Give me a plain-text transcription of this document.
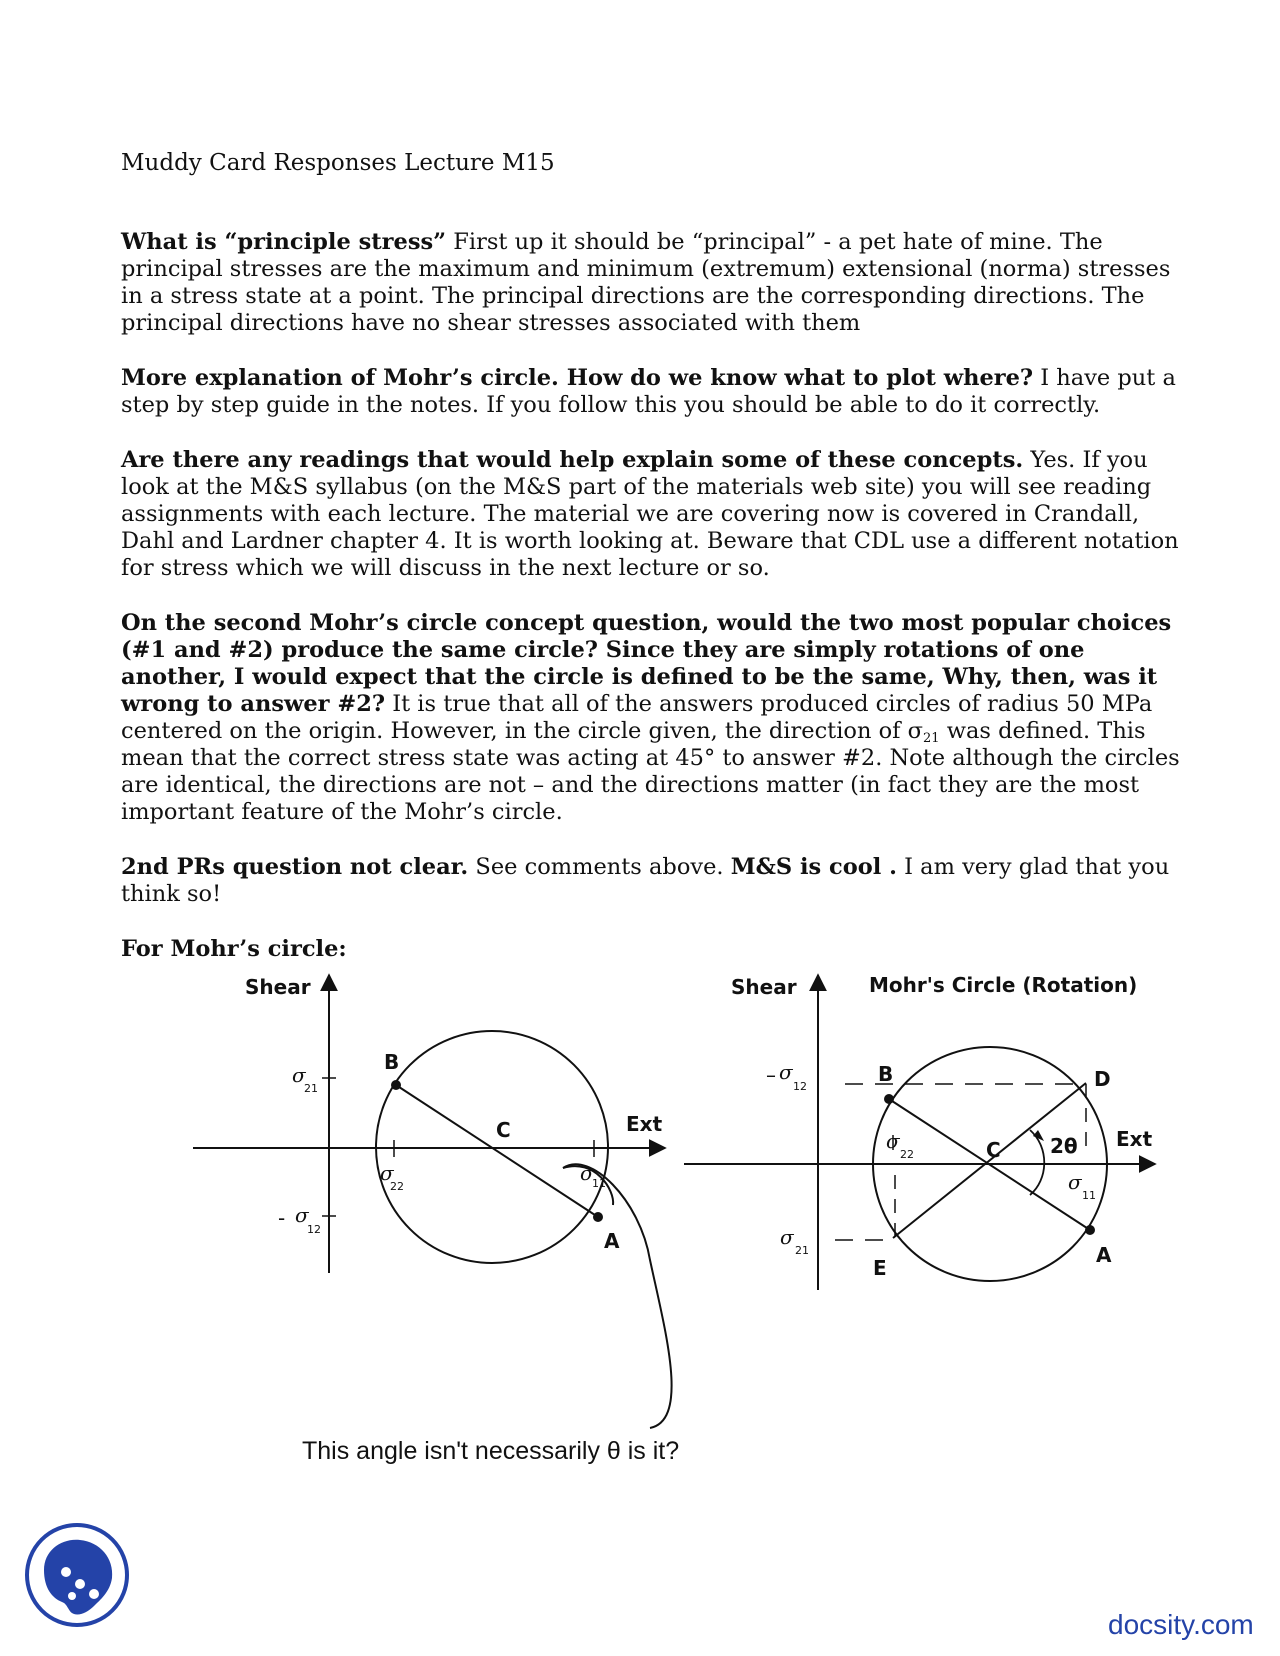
Muddy Card Responses Lecture M15
What is “principle stress” First up it should be “principal” - a pet hate of mine. The principal stresses are the maximum and minimum (extremum) extensional (norma) stresses in a stress state at a point. The principal directions are the corresponding directions. The principal directions have no shear stresses associated with them
More explanation of Mohr’s circle. How do we know what to plot where? I have put a step by step guide in the notes. If you follow this you should be able to do it correctly.
Are there any readings that would help explain some of these concepts. Yes. If you look at the M&S syllabus (on the M&S part of the materials web site) you will see reading assignments with each lecture. The material we are covering now is covered in Crandall, Dahl and Lardner chapter 4. It is worth looking at. Beware that CDL use a different notation for stress which we will discuss in the next lecture or so.
On the second Mohr’s circle concept question, would the two most popular choices (#1 and #2) produce the same circle? Since they are simply rotations of one another, I would expect that the circle is defined to be the same, Why, then, was it wrong to answer #2? It is true that all of the answers produced circles of radius 50 MPa centered on the origin. However, in the circle given, the direction of $\sigma_{21}$ was defined. This mean that the correct stress state was acting at 45° to answer #2. Note although the circles are identical, the directions are not – and the directions matter (in fact they are the most important feature of the Mohr’s circle.
2nd PRs question not clear. See comments above. M&S is cool . I am very glad that you think so!
For Mohr’s circle:
Shear
Ext
B
C
A
σ
21
σ
22
σ
11
- σ
12
Shear	Mohr's Circle (Rotation)
Ext
B	D
C
A
E
2θ
– σ
12
σ
22
σ
11
σ
21
This angle isn't necessarily θ is it?
docsity.com
